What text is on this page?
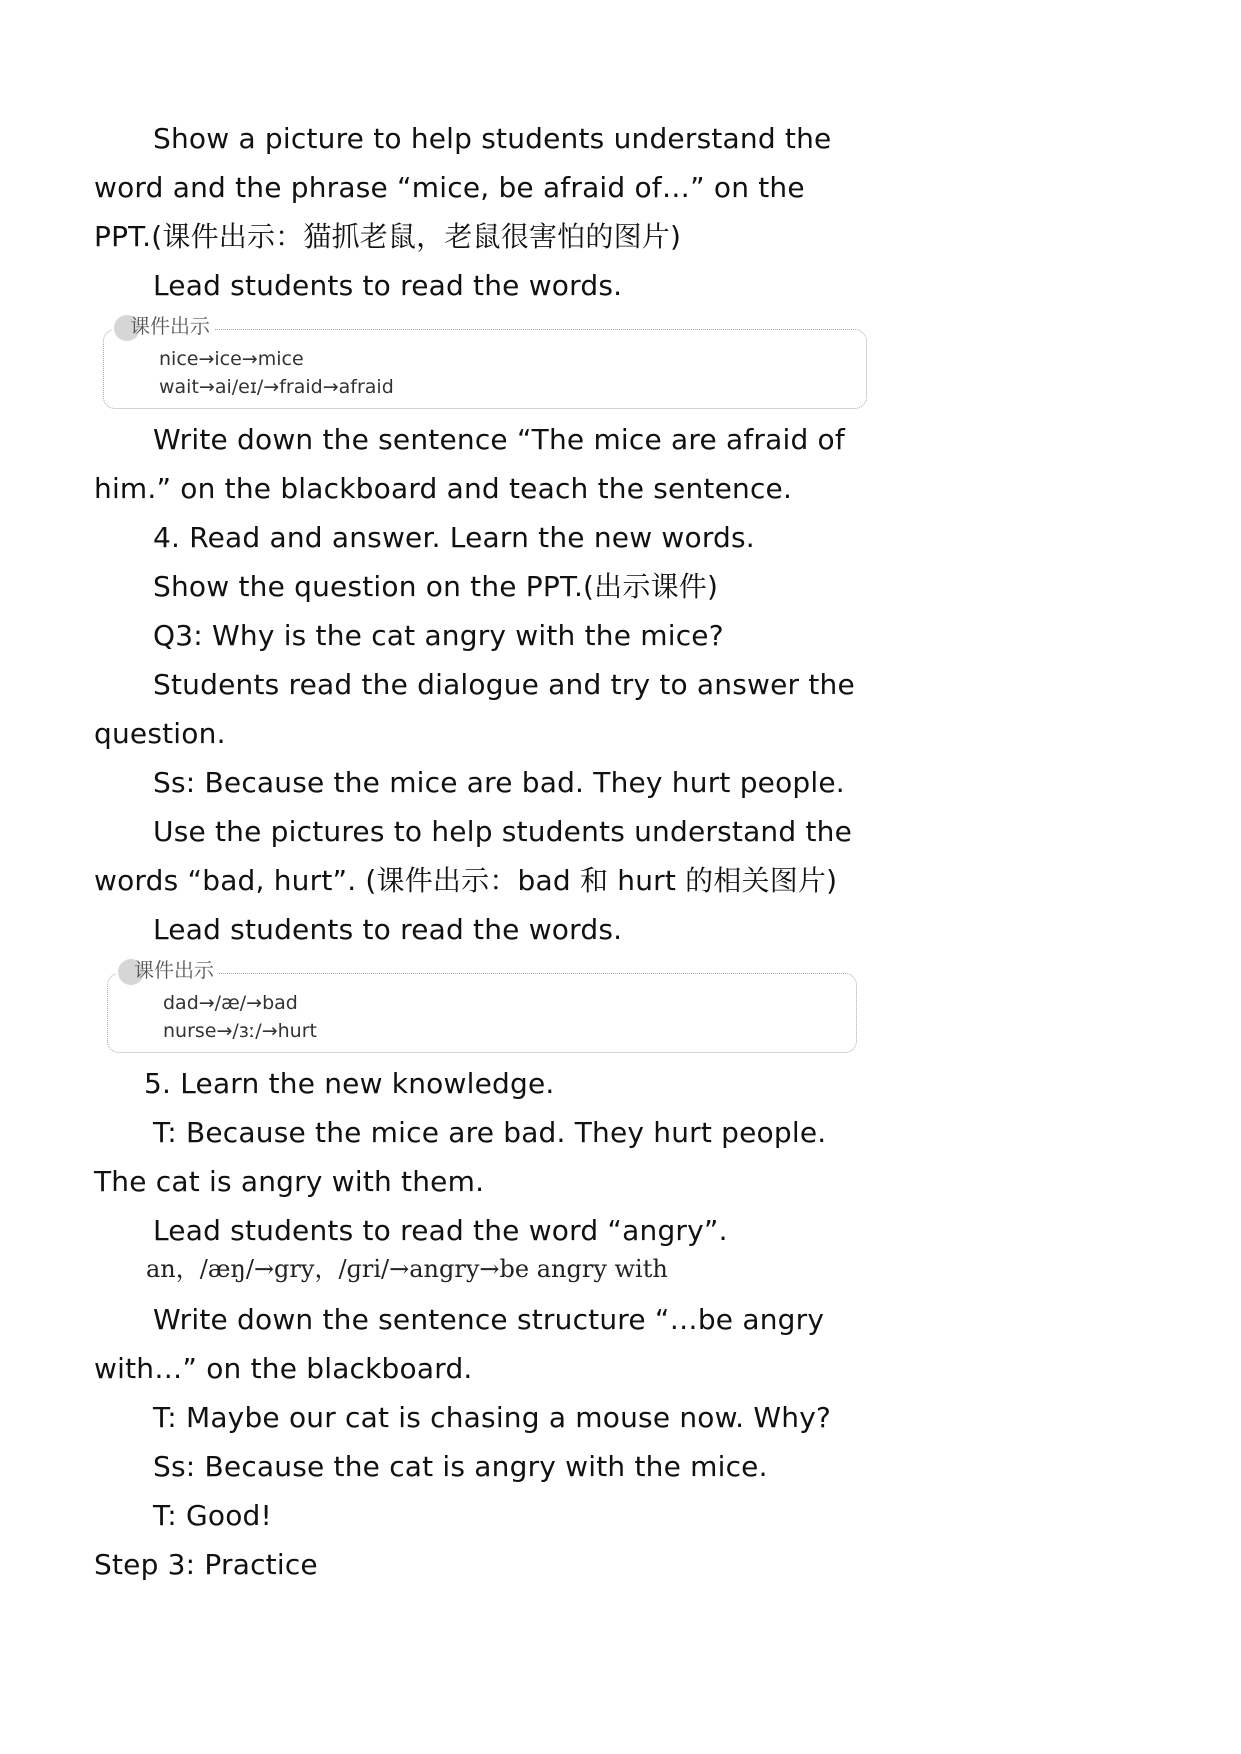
Show a picture to help students understand the
word and the phrase “mice, be afraid of…” on the
PPT.(课件出示：猫抓老鼠，老鼠很害怕的图片)
Lead students to read the words.
课件出示
nice→ice→mice
wait→ai/eɪ/→fraid→afraid
Write down the sentence “The mice are afraid of
him.” on the blackboard and teach the sentence.
4. Read and answer. Learn the new words.
Show the question on the PPT.(出示课件)
Q3: Why is the cat angry with the mice?
Students read the dialogue and try to answer the
question.
Ss: Because the mice are bad. They hurt people.
Use the pictures to help students understand the
words “bad, hurt”. (课件出示：bad 和 hurt 的相关图片)
Lead students to read the words.
课件出示
dad→/æ/→bad
nurse→/ɜː/→hurt
5. Learn the new knowledge.
T: Because the mice are bad. They hurt people.
The cat is angry with them.
Lead students to read the word “angry”.
an，/æŋ/→gry，/ɡri/→angry→be angry with
Write down the sentence structure “…be angry
with…” on the blackboard.
T: Maybe our cat is chasing a mouse now. Why?
Ss: Because the cat is angry with the mice.
T: Good!
Step 3: Practice
